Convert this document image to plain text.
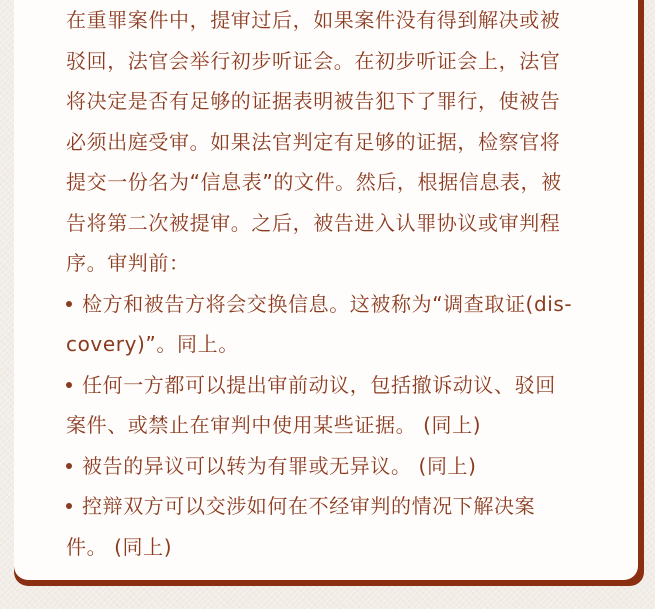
在重罪案件中，提审过后，如果案件没有得到解决或被
驳回，法官会举行初步听证会。在初步听证会上，法官
将决定是否有足够的证据表明被告犯下了罪行，使被告
必须出庭受审。如果法官判定有足够的证据，检察官将
提交一份名为“信息表”的文件。然后，根据信息表，被
告将第二次被提审。之后，被告进入认罪协议或审判程
序。审判前：
检方和被告方将会交换信息。这被称为“调查取证(dis-
covery)”。同上。
任何一方都可以提出审前动议，包括撤诉动议、驳回
案件、或禁止在审判中使用某些证据。 (同上)
被告的异议可以转为有罪或无异议。 (同上)
控辩双方可以交涉如何在不经审判的情况下解决案
件。 (同上)
